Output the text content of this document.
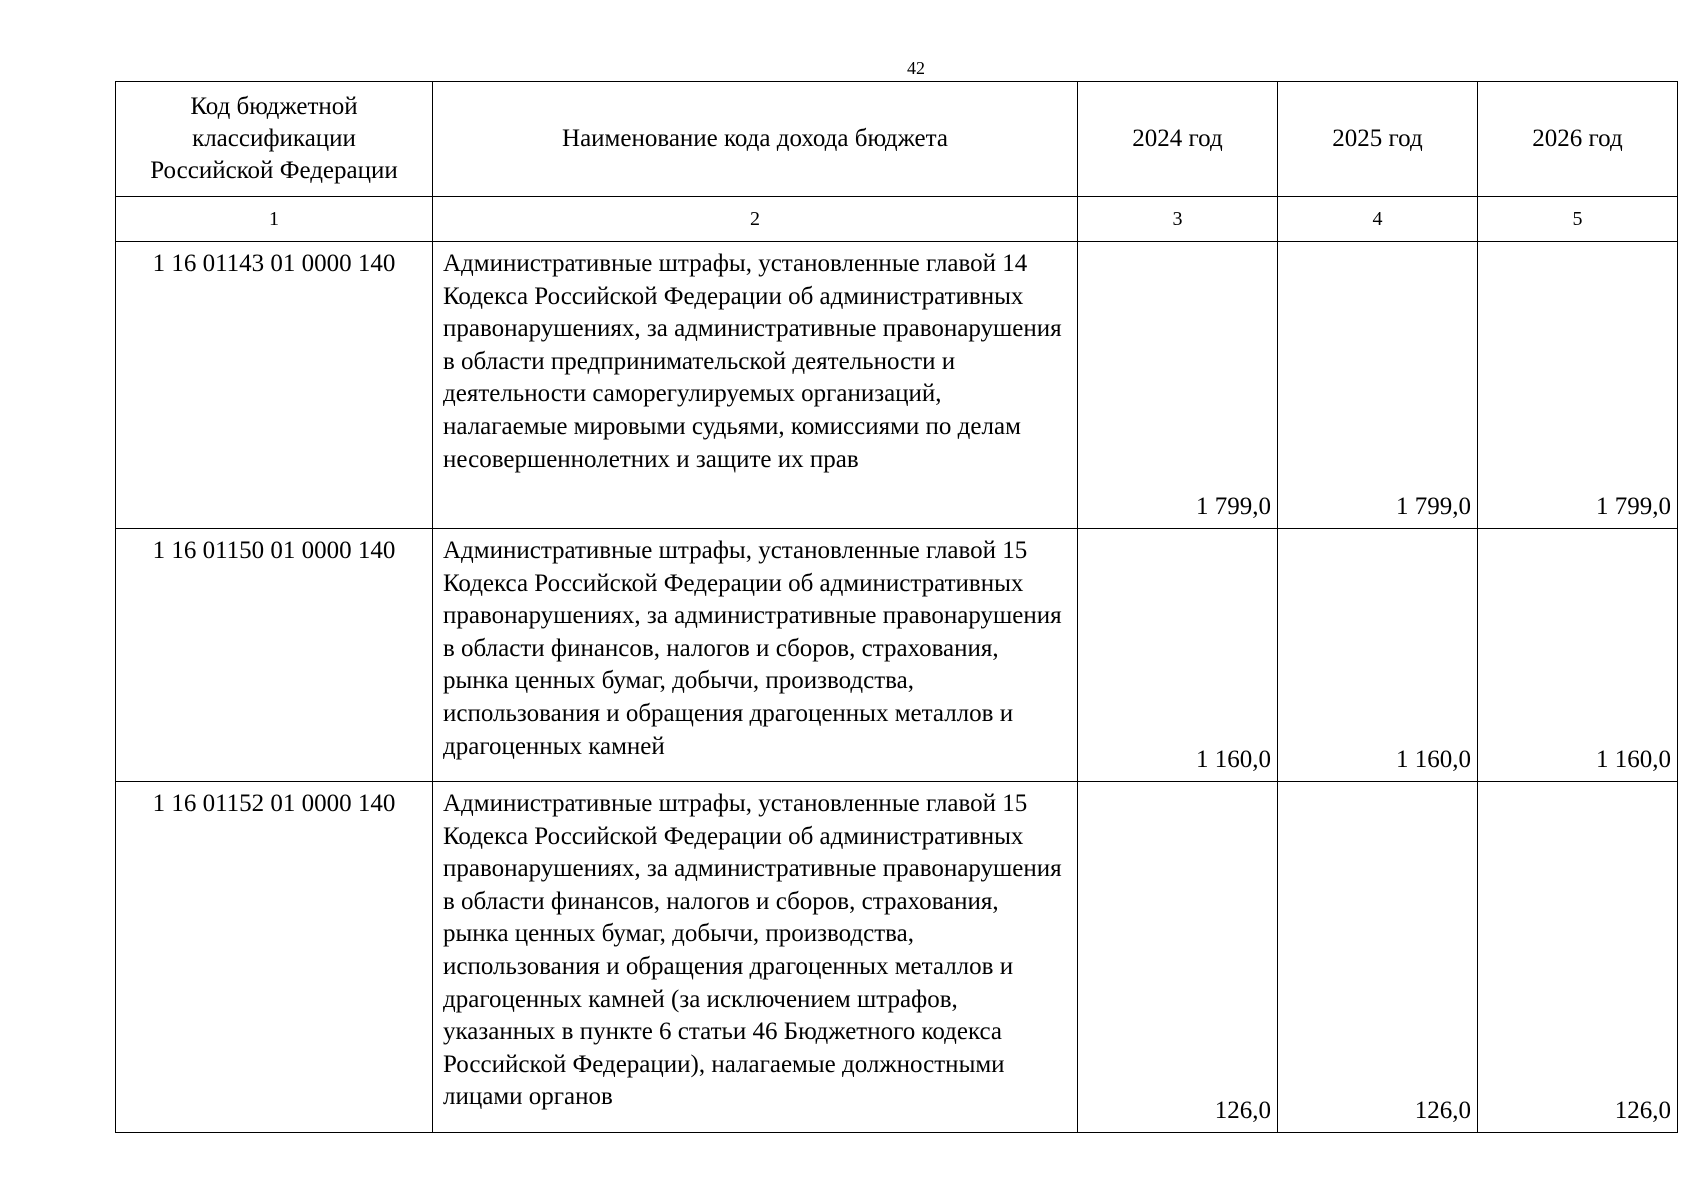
42
Код бюджетной классификации Российской Федерации	Наименование кода дохода бюджета	2024 год	2025 год	2026 год
1	2	3	4	5
1 16 01143 01 0000 140	Административные штрафы, установленные главой 14 Кодекса Российской Федерации об административных правонарушениях, за административные правонарушения в области предпринимательской деятельности и деятельности саморегулируемых организаций, налагаемые мировыми судьями, комиссиями по делам несовершеннолетних и защите их прав	1 799,0	1 799,0	1 799,0
1 16 01150 01 0000 140	Административные штрафы, установленные главой 15 Кодекса Российской Федерации об административных правонарушениях, за административные правонарушения в области финансов, налогов и сборов, страхования, рынка ценных бумаг, добычи, производства, использования и обращения драгоценных металлов и драгоценных камней	1 160,0	1 160,0	1 160,0
1 16 01152 01 0000 140	Административные штрафы, установленные главой 15 Кодекса Российской Федерации об административных правонарушениях, за административные правонарушения в области финансов, налогов и сборов, страхования, рынка ценных бумаг, добычи, производства, использования и обращения драгоценных металлов и драгоценных камней (за исключением штрафов, указанных в пункте 6 статьи 46 Бюджетного кодекса Российской Федерации), налагаемые должностными лицами органов	126,0	126,0	126,0
